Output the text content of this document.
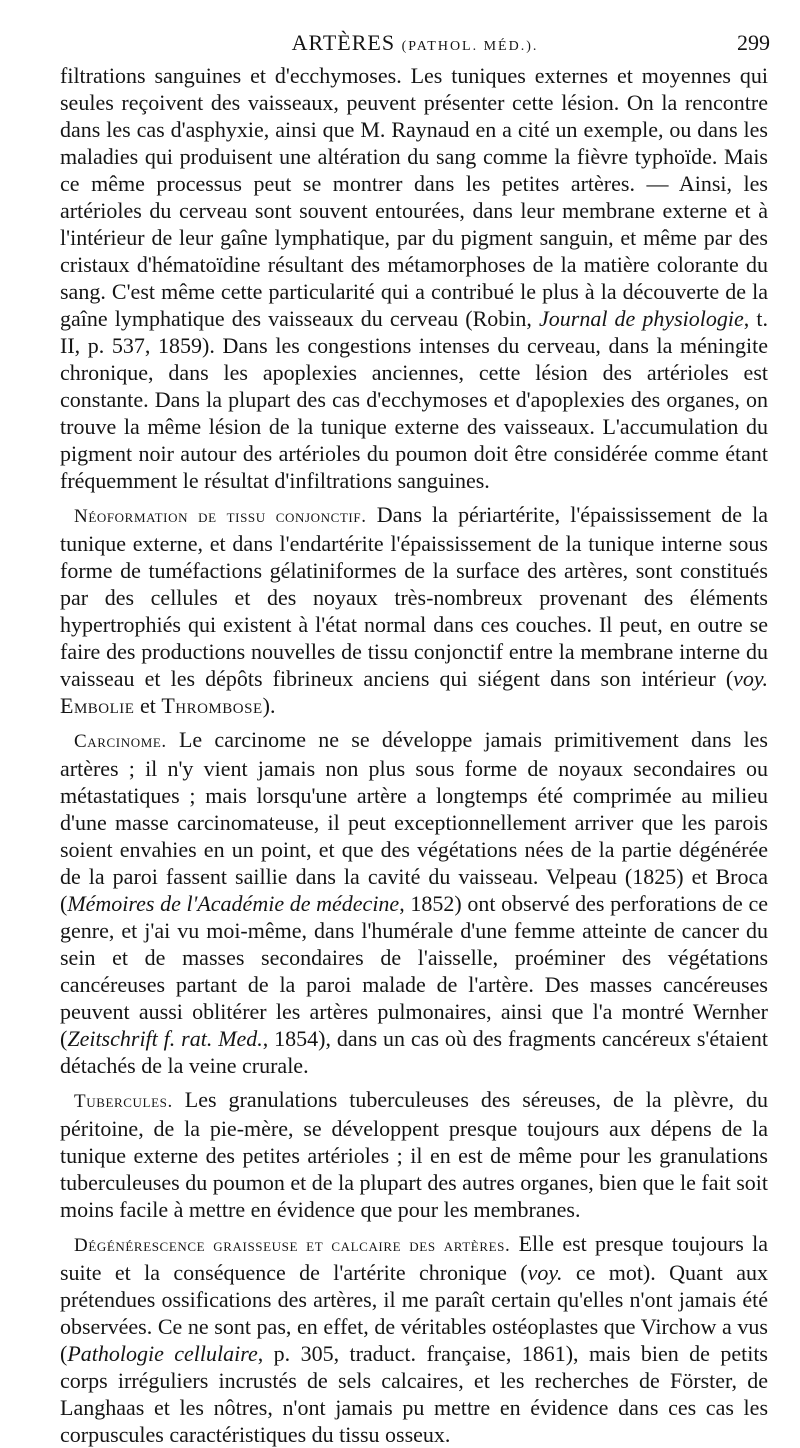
ARTÈRES (PATHOL. MÉD.).	299

filtrations sanguines et d'ecchymoses. Les tuniques externes et moyennes qui seules reçoivent des vaisseaux, peuvent présenter cette lésion. On la rencontre dans les cas d'asphyxie, ainsi que M. Raynaud en a cité un exemple, ou dans les maladies qui produisent une altération du sang comme la fièvre typhoïde. Mais ce même processus peut se montrer dans les petites artères. — Ainsi, les artérioles du cerveau sont souvent entourées, dans leur membrane externe et à l'intérieur de leur gaîne lymphatique, par du pigment sanguin, et même par des cristaux d'hématoïdine résultant des métamorphoses de la matière colorante du sang. C'est même cette particularité qui a contribué le plus à la découverte de la gaîne lymphatique des vaisseaux du cerveau (Robin, Journal de physiologie, t. II, p. 537, 1859). Dans les congestions intenses du cerveau, dans la méningite chronique, dans les apoplexies anciennes, cette lésion des artérioles est constante. Dans la plupart des cas d'ecchymoses et d'apoplexies des organes, on trouve la même lésion de la tunique externe des vaisseaux. L'accumulation du pigment noir autour des artérioles du poumon doit être considérée comme étant fréquemment le résultat d'infiltrations sanguines.

Néoformation de tissu conjonctif. Dans la périartérite, l'épaississement de la tunique externe, et dans l'endartérite l'épaississement de la tunique interne sous forme de tuméfactions gélatiniformes de la surface des artères, sont constitués par des cellules et des noyaux très-nombreux provenant des éléments hypertrophiés qui existent à l'état normal dans ces couches. Il peut, en outre se faire des productions nouvelles de tissu conjonctif entre la membrane interne du vaisseau et les dépôts fibrineux anciens qui siégent dans son intérieur (voy. Embolie et Thrombose).

Carcinome. Le carcinome ne se développe jamais primitivement dans les artères ; il n'y vient jamais non plus sous forme de noyaux secondaires ou métastatiques ; mais lorsqu'une artère a longtemps été comprimée au milieu d'une masse carcinomateuse, il peut exceptionnellement arriver que les parois soient envahies en un point, et que des végétations nées de la partie dégénérée de la paroi fassent saillie dans la cavité du vaisseau. Velpeau (1825) et Broca (Mémoires de l'Académie de médecine, 1852) ont observé des perforations de ce genre, et j'ai vu moi-même, dans l'humérale d'une femme atteinte de cancer du sein et de masses secondaires de l'aisselle, proéminer des végétations cancéreuses partant de la paroi malade de l'artère. Des masses cancéreuses peuvent aussi oblitérer les artères pulmonaires, ainsi que l'a montré Wernher (Zeitschrift f. rat. Med., 1854), dans un cas où des fragments cancéreux s'étaient détachés de la veine crurale.

Tubercules. Les granulations tuberculeuses des séreuses, de la plèvre, du péritoine, de la pie-mère, se développent presque toujours aux dépens de la tunique externe des petites artérioles ; il en est de même pour les granulations tuberculeuses du poumon et de la plupart des autres organes, bien que le fait soit moins facile à mettre en évidence que pour les membranes.

Dégénérescence graisseuse et calcaire des artères. Elle est presque toujours la suite et la conséquence de l'artérite chronique (voy. ce mot). Quant aux prétendues ossifications des artères, il me paraît certain qu'elles n'ont jamais été observées. Ce ne sont pas, en effet, de véritables ostéoplastes que Virchow a vus (Pathologie cellulaire, p. 305, traduct. française, 1861), mais bien de petits corps irréguliers incrustés de sels calcaires, et les recherches de Förster, de Langhaas et les nôtres, n'ont jamais pu mettre en évidence dans ces cas les corpuscules caractéristiques du tissu osseux.
